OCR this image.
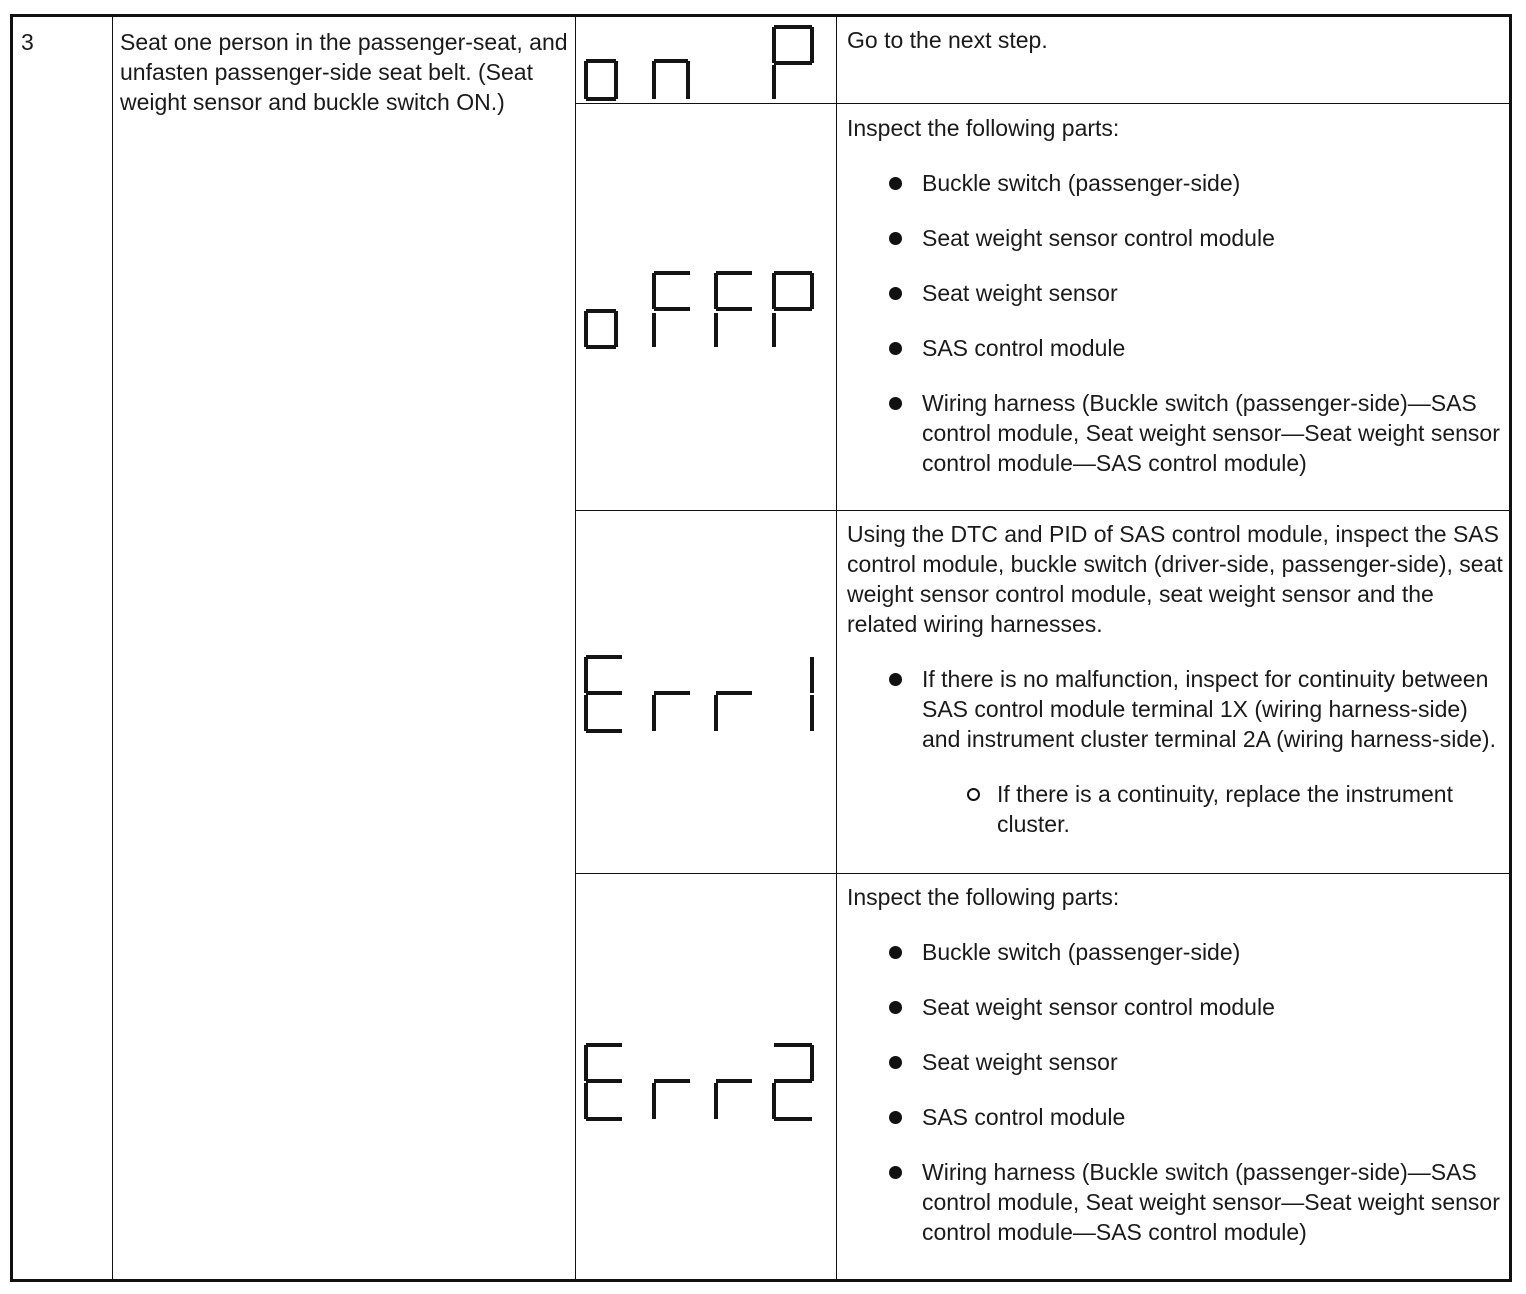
3	Seat one person in the passenger-seat, and unfasten passenger-side seat belt. (Seat weight sensor and buckle switch ON.)

Go to the next step.

Inspect the following parts:

Buckle switch (passenger-side)
Seat weight sensor control module
Seat weight sensor
SAS control module
Wiring harness (Buckle switch (passenger-side)—SAS control module, Seat weight sensor—Seat weight sensor control module—SAS control module)

Using the DTC and PID of SAS control module, inspect the SAS control module, buckle switch (driver-side, passenger-side), seat weight sensor control module, seat weight sensor and the related wiring harnesses.

If there is no malfunction, inspect for continuity between SAS control module terminal 1X (wiring harness-side) and instrument cluster terminal 2A (wiring harness-side).
If there is a continuity, replace the instrument cluster.

Inspect the following parts:

Buckle switch (passenger-side)
Seat weight sensor control module
Seat weight sensor
SAS control module
Wiring harness (Buckle switch (passenger-side)—SAS control module, Seat weight sensor—Seat weight sensor control module—SAS control module)
